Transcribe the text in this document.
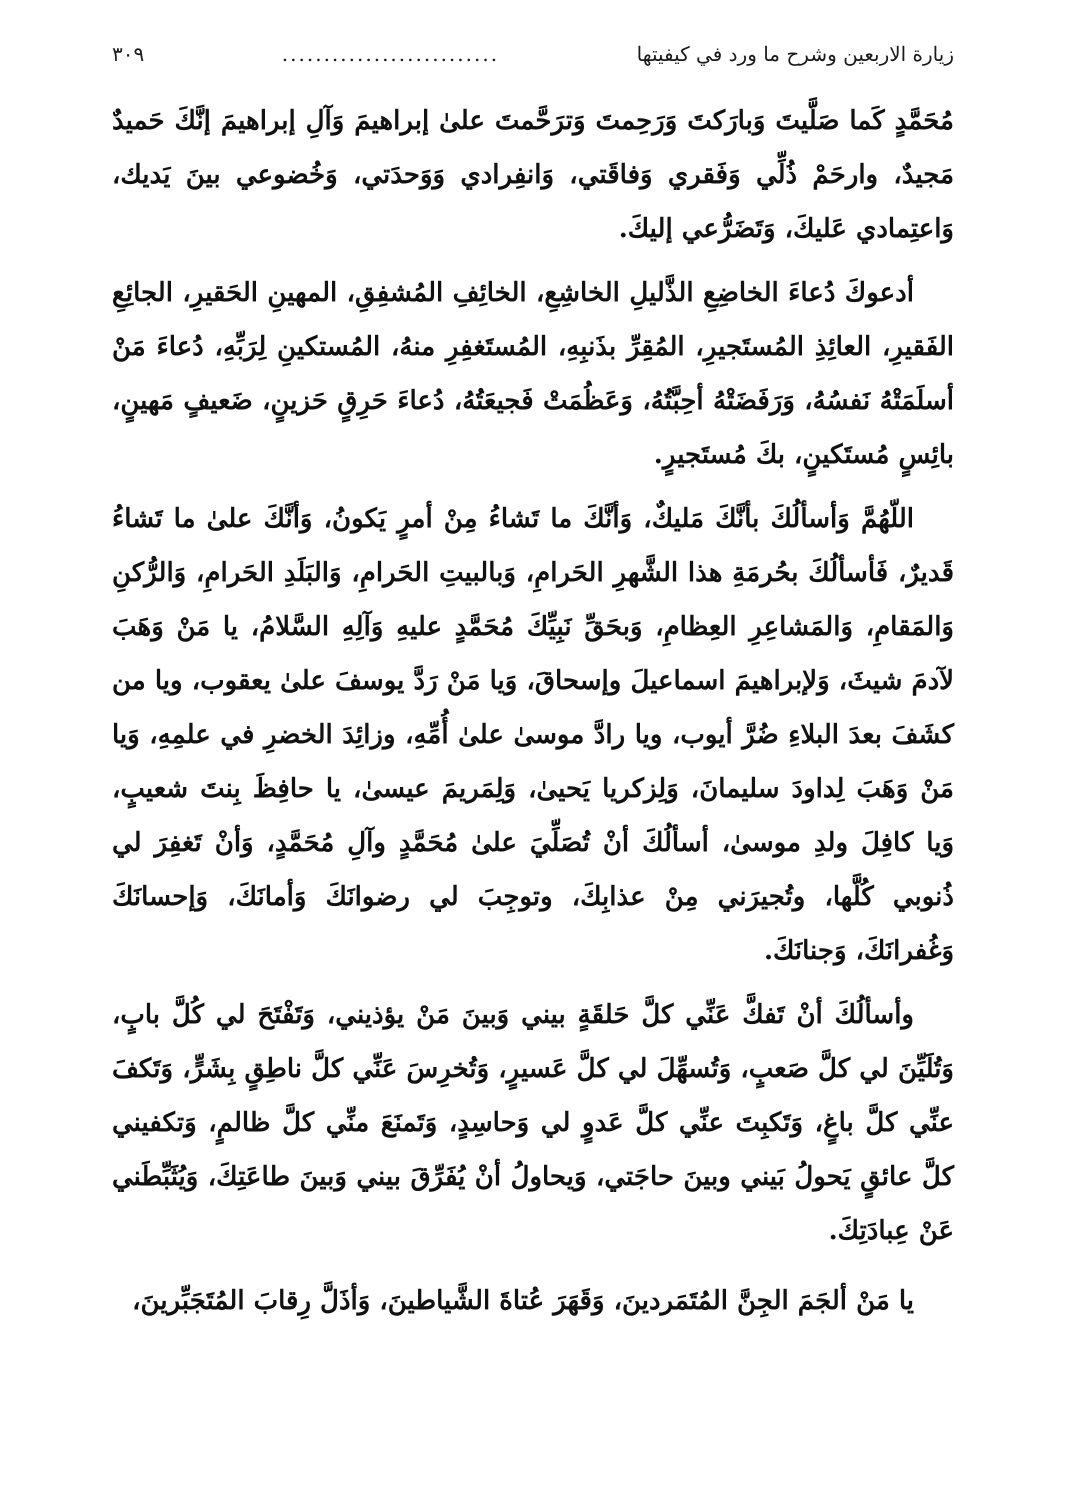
زيارة الاربعين وشرح ما ورد في كيفيتها
..........................
٣٠٩

مُحَمَّدٍ كَما صَلَّيتَ وَبارَكتَ وَرَحِمتَ وَترَحَّمتَ علىٰ إبراهيمَ وَآلِ إبراهيمَ إنَّكَ حَميدٌ مَجيدٌ، وارحَمْ ذُلِّي وَفَقري وَفاقَتي، وَانفِرادي وَوَحدَتي، وَخُضوعي بينَ يَديك، وَاعتِمادي عَليكَ، وَتَضَرُّعي إليكَ.

أدعوكَ دُعاءَ الخاضِعِ الذَّليلِ الخاشِعِ، الخائِفِ المُشفِقِ، المهينِ الحَقيرِ، الجائِعِ الفَقيرِ، العائِذِ المُستَجيرِ، المُقِرِّ بذَنبِهِ، المُستَغفِرِ منهُ، المُستكينِ لِرَبِّهِ، دُعاءَ مَنْ أسلَمَتْهُ نَفسُهُ، وَرَفَضَتْهُ أحِبَّتُهُ، وَعَظُمَتْ فَجيعَتُهُ، دُعاءَ حَرِقٍ حَزينٍ، ضَعيفٍ مَهينٍ، بائِسٍ مُستَكينٍ، بكَ مُستَجيرٍ.

اللّهُمَّ وَأسألُكَ بأنَّكَ مَليكٌ، وَأنَّكَ ما تَشاءُ مِنْ أمرٍ يَكونُ، وَأنَّكَ علىٰ ما تَشاءُ قَديرٌ، فَأسألُكَ بحُرمَةِ هذا الشَّهرِ الحَرامِ، وَبالبيتِ الحَرامِ، وَالبَلَدِ الحَرامِ، وَالرُّكنِ وَالمَقامِ، وَالمَشاعِرِ العِظامِ، وَبحَقِّ نَبِيِّكَ مُحَمَّدٍ عليهِ وَآلِهِ السَّلامُ، يا مَنْ وَهَبَ لآدمَ شيثَ، وَلإبراهيمَ اسماعيلَ وإسحاقَ، وَيا مَنْ رَدَّ يوسفَ علىٰ يعقوب، ويا من كشَفَ بعدَ البلاءِ ضُرَّ أيوب، ويا رادَّ موسىٰ علىٰ أُمِّهِ، وزائِدَ الخضرِ في علمِهِ، وَيا مَنْ وَهَبَ لِداودَ سليمانَ، وَلِزكريا يَحيىٰ، وَلِمَريمَ عيسىٰ، يا حافِظَ بِنتَ شعيبٍ، وَيا كافِلَ ولدِ موسىٰ، أسألُكَ أنْ تُصَلِّيَ علىٰ مُحَمَّدٍ وآلِ مُحَمَّدٍ، وَأنْ تَغفِرَ لي ذُنوبي كُلَّها، وتُجيرَني مِنْ عذابِكَ، وتوجِبَ لي رضوانَكَ وَأمانَكَ، وَإحسانَكَ وَغُفرانَكَ، وَجنانَكَ.

وأسألُكَ أنْ تَفكَّ عَنِّي كلَّ حَلقَةٍ بيني وَبينَ مَنْ يؤذيني، وَتَفْتَحَ لي كُلَّ بابٍ، وَتُلَيِّنَ لي كلَّ صَعبٍ، وَتُسهِّلَ لي كلَّ عَسيرٍ، وَتُخرِسَ عَنِّي كلَّ ناطِقٍ بِشَرٍّ، وَتَكفَ عنِّي كلَّ باغٍ، وَتَكبِتَ عنِّي كلَّ عَدوٍ لي وَحاسِدٍ، وَتَمنَعَ منِّي كلَّ ظالمٍ، وَتكفيني كلَّ عائقٍ يَحولُ بَيني وبينَ حاجَتي، وَيحاولُ أنْ يُفَرِّقَ بيني وَبينَ طاعَتِكَ، وَيُثَبِّطَني عَنْ عِبادَتِكَ.

يا مَنْ ألجَمَ الجِنَّ المُتَمَردينَ، وَقَهَرَ عُتاةَ الشَّياطينَ، وَأذَلَّ رِقابَ المُتَجَبِّرينَ،
